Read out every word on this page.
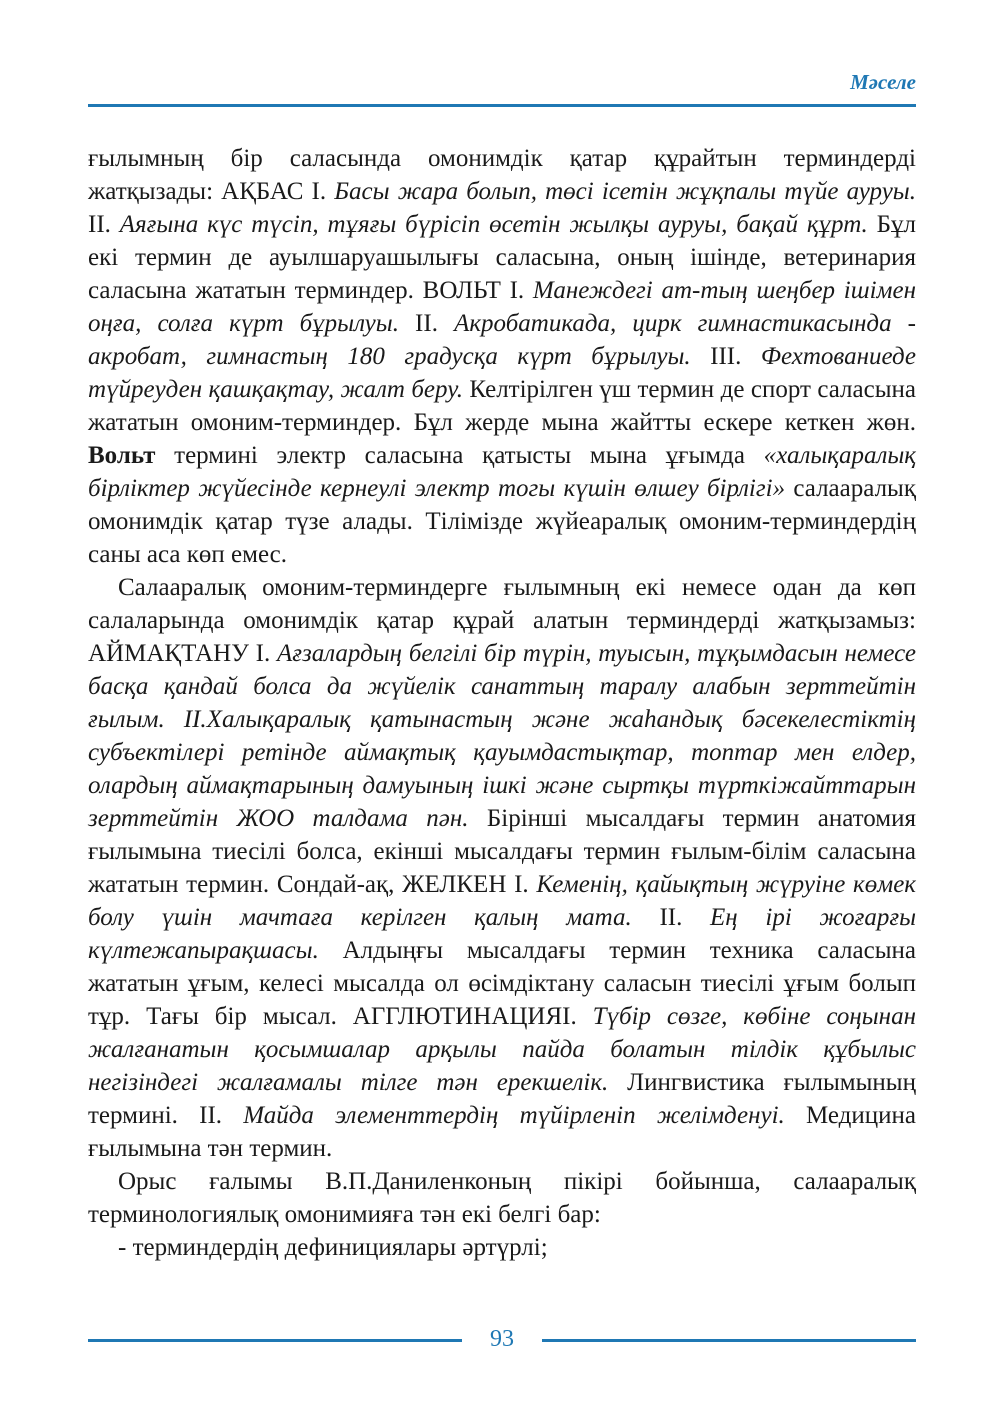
Мәселе

ғылымның бір саласында омонимдік қатар құрайтын терминдерді жатқызады: АҚБАС І. Басы жара болып, төсі ісетін жұқпалы түйе ауруы. ІІ. Аяғына күс түсіп, тұяғы бүрісіп өсетін жылқы ауруы, бақай құрт. Бұл екі термин де ауылшаруашылығы саласына, оның ішінде, ветеринария саласына жататын терминдер. ВОЛЬТ І. Манеждегі ат-тың шеңбер ішімен оңға, солға күрт бұрылуы. ІІ. Акробатикада, цирк гимнастикасында - акробат, гимнастың 180 градусқа күрт бұрылуы. ІІІ. Фехтованиеде түйреуден қашқақтау, жалт беру. Келтірілген үш термин де спорт саласына жататын омоним-терминдер. Бұл жерде мына жайтты ескере кеткен жөн. Вольт термині электр саласына қатысты мына ұғымда «халықаралық бірліктер жүйесінде кернеулі электр тогы күшін өлшеу бірлігі» салааралық омонимдік қатар түзе алады. Тілімізде жүйеаралық омоним-терминдердің саны аса көп емес.

Салааралық омоним-терминдерге ғылымның екі немесе одан да көп салаларында омонимдік қатар құрай алатын терминдерді жатқызамыз: АЙМАҚТАНУ І. Ағзалардың белгілі бір түрін, туысын, тұқымдасын немесе басқа қандай болса да жүйелік санаттың таралу алабын зерттейтін ғылым. ІІ.Халықаралық қатынастың және жаһандық бәсекелестіктің субъектілері ретінде аймақтық қауымдастықтар, топтар мен елдер, олардың аймақтарының дамуының ішкі және сыртқы түрткіжайттарын зерттейтін ЖОО талдама пән. Бірінші мысалдағы термин анатомия ғылымына тиесілі болса, екінші мысалдағы термин ғылым-білім саласына жататын термин. Сондай-ақ, ЖЕЛКЕН І. Кеменің, қайықтың жүруіне көмек болу үшін мачтаға керілген қалың мата. ІІ. Ең ірі жоғарғы күлтежапырақшасы. Алдыңғы мысалдағы термин техника саласына жататын ұғым, келесі мысалда ол өсімдіктану саласын тиесілі ұғым болып тұр. Тағы бір мысал. АГГЛЮТИНАЦИЯІ. Түбір сөзге, көбіне соңынан жалғанатын қосымшалар арқылы пайда болатын тілдік құбылыс негізіндегі жалғамалы тілге тән ерекшелік. Лингвистика ғылымының термині. ІІ. Майда элементтердің түйірленіп желімденуі. Медицина ғылымына тән термин.

Орыс ғалымы В.П.Даниленконың пікірі бойынша, салааралық терминологиялық омонимияға тән екі белгі бар:

- терминдердің дефинициялары әртүрлі;

93
